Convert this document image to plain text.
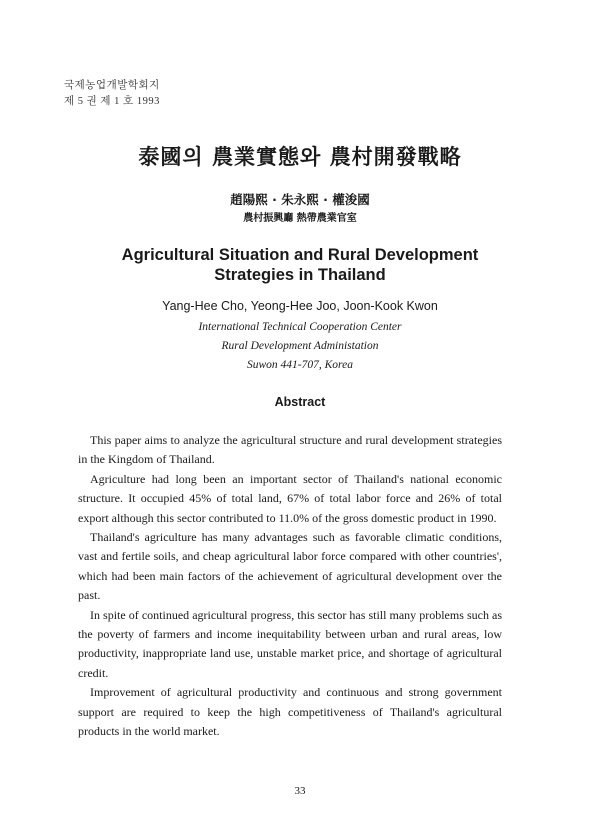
국제농업개발학회지
제 5 권 제 1 호 1993
泰國의 農業實態와 農村開發戰略
趙陽熙 · 朱永熙 · 權浚國
農村振興廳 熱帶農業官室
Agricultural Situation and Rural Development
Strategies in Thailand
Yang-Hee Cho, Yeong-Hee Joo, Joon-Kook Kwon
International Technical Cooperation Center
Rural Development Administation
Suwon 441-707, Korea
Abstract

This paper aims to analyze the agricultural structure and rural development strategies in the Kingdom of Thailand.

Agriculture had long been an important sector of Thailand's national economic structure. It occupied 45% of total land, 67% of total labor force and 26% of total export although this sector contributed to 11.0% of the gross domestic product in 1990.

Thailand's agriculture has many advantages such as favorable climatic conditions, vast and fertile soils, and cheap agricultural labor force compared with other countries', which had been main factors of the achievement of agricultural development over the past.

In spite of continued agricultural progress, this sector has still many problems such as the poverty of farmers and income inequitability between urban and rural areas, low productivity, inappropriate land use, unstable market price, and shortage of agricultural credit.

Improvement of agricultural productivity and continuous and strong government support are required to keep the high competitiveness of Thailand's agricultural products in the world market.

33
